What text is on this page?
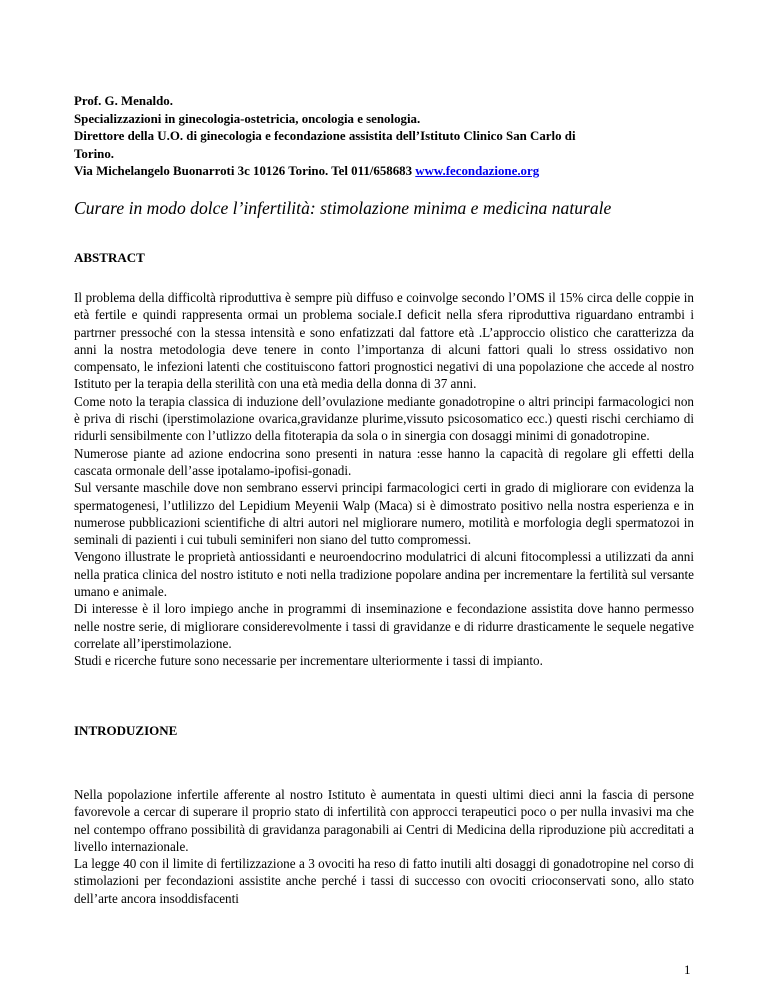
Prof. G. Menaldo.
Specializzazioni in ginecologia-ostetricia, oncologia e senologia.
Direttore della U.O. di ginecologia e fecondazione assistita dell’Istituto Clinico San Carlo di
Torino.
Via Michelangelo Buonarroti 3c 10126 Torino. Tel 011/658683 www.fecondazione.org
Curare in modo dolce l’infertilità: stimolazione minima e medicina naturale
ABSTRACT

Il problema della difficoltà riproduttiva è sempre più diffuso e coinvolge secondo l’OMS il 15% circa delle coppie in età fertile e quindi rappresenta ormai un problema sociale.I deficit nella sfera riproduttiva riguardano entrambi i partrner pressoché con la stessa intensità e sono enfatizzati dal fattore età .L’approccio olistico che caratterizza da anni la nostra metodologia deve tenere in conto l’importanza di alcuni fattori quali lo stress ossidativo non compensato, le infezioni latenti che costituiscono fattori prognostici negativi di una popolazione che accede al nostro Istituto per la terapia della sterilità con una età media della donna di 37 anni.

Come noto la terapia classica di induzione dell’ovulazione mediante gonadotropine o altri principi farmacologici non è priva di rischi (iperstimolazione ovarica,gravidanze plurime,vissuto psicosomatico ecc.) questi rischi cerchiamo di ridurli sensibilmente con l’utlizzo della fitoterapia da sola o in sinergia con dosaggi minimi di gonadotropine.

Numerose piante ad azione endocrina sono presenti in natura :esse hanno la capacità di regolare gli effetti della cascata ormonale dell’asse ipotalamo-ipofisi-gonadi.

Sul versante maschile dove non sembrano esservi principi farmacologici certi in grado di migliorare con evidenza la spermatogenesi, l’utlilizzo del Lepidium Meyenii Walp (Maca) si è dimostrato positivo nella nostra esperienza e in numerose pubblicazioni scientifiche di altri autori nel migliorare numero, motilità e morfologia degli spermatozoi in seminali di pazienti i cui tubuli seminiferi non siano del tutto compromessi.

Vengono illustrate le proprietà antiossidanti e neuroendocrino modulatrici di alcuni fitocomplessi a utilizzati da anni nella pratica clinica del nostro istituto e noti nella tradizione popolare andina per incrementare la fertilità sul versante umano e animale.

Di interesse è il loro impiego anche in programmi di inseminazione e fecondazione assistita dove hanno permesso nelle nostre serie, di migliorare considerevolmente i tassi di gravidanze e di ridurre drasticamente le sequele negative correlate all’iperstimolazione.

Studi e ricerche future sono necessarie per incrementare ulteriormente i tassi di impianto.

INTRODUZIONE

Nella popolazione infertile afferente al nostro Istituto è aumentata in questi ultimi dieci anni la fascia di persone favorevole a cercar di superare il proprio stato di infertilità con approcci terapeutici poco o per nulla invasivi ma che nel contempo offrano possibilità di gravidanza paragonabili ai Centri di Medicina della riproduzione più accreditati a livello internazionale.

La legge 40 con il limite di fertilizzazione a 3 ovociti ha reso di fatto inutili alti dosaggi di gonadotropine nel corso di stimolazioni per fecondazioni assistite anche perché i tassi di successo con ovociti crioconservati sono, allo stato dell’arte ancora insoddisfacenti

1
